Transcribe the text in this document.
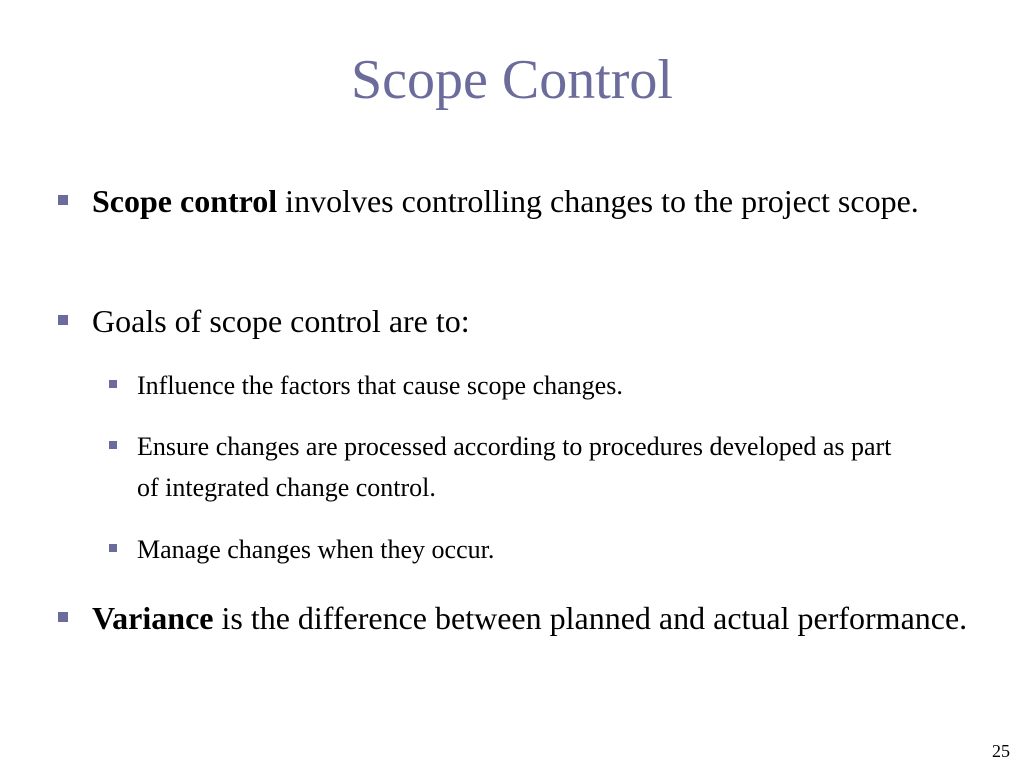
Scope Control
Scope control involves controlling changes to the project scope.
Goals of scope control are to:
Influence the factors that cause scope changes.
Ensure changes are processed according to procedures developed as part of integrated change control.
Manage changes when they occur.
Variance is the difference between planned and actual performance.
25
